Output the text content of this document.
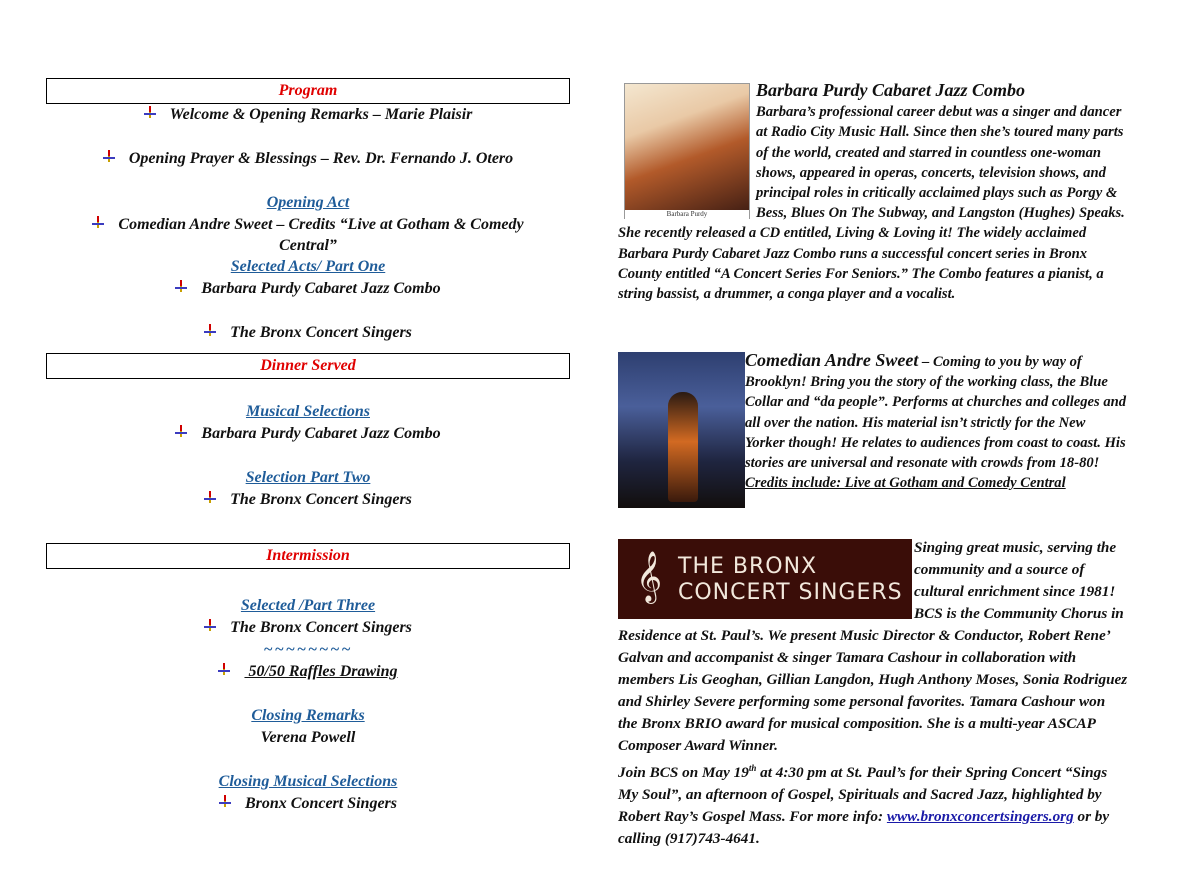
Program
Welcome & Opening Remarks – Marie Plaisir
Opening Prayer & Blessings – Rev. Dr. Fernando J. Otero
Opening Act
Comedian Andre Sweet – Credits “Live at Gotham & Comedy
Central”
Selected Acts/ Part One
Barbara Purdy Cabaret Jazz Combo
The Bronx Concert Singers
Dinner Served
Musical Selections
Barbara Purdy Cabaret Jazz Combo
Selection Part Two
The Bronx Concert Singers
Intermission
Selected /Part Three
The Bronx Concert Singers
~~~~~~~~
50/50 Raffles Drawing
Closing Remarks
Verena Powell
Closing Musical Selections
Bronx Concert Singers
Barbara Purdy

Barbara Purdy Cabaret Jazz Combo
Barbara’s professional career debut was a singer and dancer at Radio City Music Hall. Since then she’s toured many parts of the world, created and starred in countless one-woman shows, appeared in operas, concerts, television shows, and principal roles in critically acclaimed plays such as Porgy & Bess, Blues On The Subway, and Langston (Hughes) Speaks. She recently released a CD entitled, Living & Loving it! The widely acclaimed Barbara Purdy Cabaret Jazz Combo runs a successful concert series in Bronx County entitled “A Concert Series For Seniors.” The Combo features a pianist, a string bassist, a drummer, a conga player and a vocalist.

Comedian Andre Sweet – Coming to you by way of Brooklyn! Bring you the story of the working class, the Blue Collar and “da people”. Performs at churches and colleges and all over the nation. His material isn’t strictly for the New Yorker though! He relates to audiences from coast to coast. His stories are universal and resonate with crowds from 18-80! Credits include: Live at Gotham and Comedy Central

𝄞 THE BRONX
CONCERT SINGERS

Singing great music, serving the community and a source of cultural enrichment since 1981! BCS is the Community Chorus in Residence at St. Paul’s. We present Music Director & Conductor, Robert Rene’ Galvan and accompanist & singer Tamara Cashour in collaboration with members Lis Geoghan, Gillian Langdon, Hugh Anthony Moses, Sonia Rodriguez and Shirley Severe performing some personal favorites. Tamara Cashour won the Bronx BRIO award for musical composition. She is a multi-year ASCAP Composer Award Winner.
Join BCS on May 19th at 4:30 pm at St. Paul’s for their Spring Concert “Sings My Soul”, an afternoon of Gospel, Spirituals and Sacred Jazz, highlighted by Robert Ray’s Gospel Mass. For more info: www.bronxconcertsingers.org or by calling (917)743-4641.
